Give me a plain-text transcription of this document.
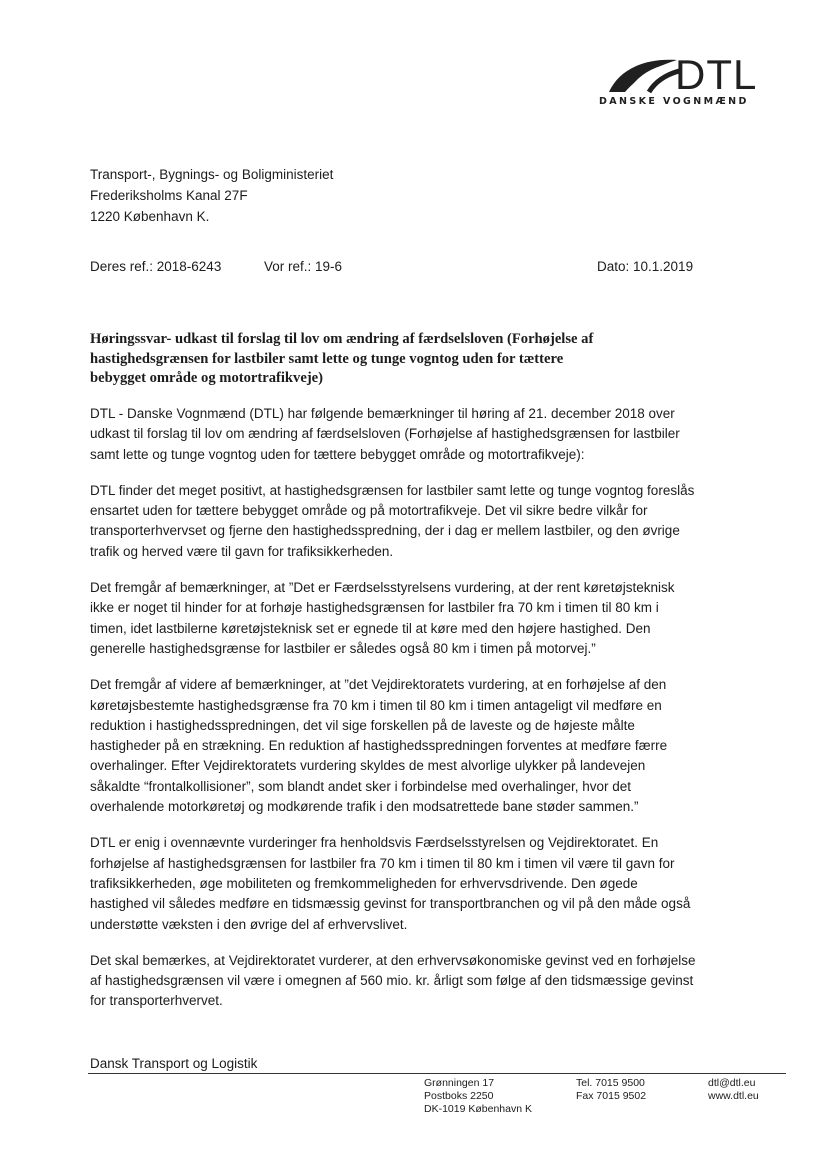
DTL
DANSKE VOGNMÆND
Transport-, Bygnings- og Boligministeriet
Frederiksholms Kanal 27F
1220 København K.
Deres ref.: 2018-6243	Vor ref.: 19-6	Dato: 10.1.2019
Høringssvar- udkast til forslag til lov om ændring af færdselsloven (Forhøjelse af
hastighedsgrænsen for lastbiler samt lette og tunge vogntog uden for tættere
bebygget område og motortrafikveje)

DTL - Danske Vognmænd (DTL) har følgende bemærkninger til høring af 21. december 2018 over
udkast til forslag til lov om ændring af færdselsloven (Forhøjelse af hastighedsgrænsen for lastbiler
samt lette og tunge vogntog uden for tættere bebygget område og motortrafikveje):

DTL finder det meget positivt, at hastighedsgrænsen for lastbiler samt lette og tunge vogntog foreslås
ensartet uden for tættere bebygget område og på motortrafikveje. Det vil sikre bedre vilkår for
transporterhvervset og fjerne den hastighedsspredning, der i dag er mellem lastbiler, og den øvrige
trafik og herved være til gavn for trafiksikkerheden.

Det fremgår af bemærkninger, at ”Det er Færdselsstyrelsens vurdering, at der rent køretøjsteknisk
ikke er noget til hinder for at forhøje hastighedsgrænsen for lastbiler fra 70 km i timen til 80 km i
timen, idet lastbilerne køretøjsteknisk set er egnede til at køre med den højere hastighed. Den
generelle hastighedsgrænse for lastbiler er således også 80 km i timen på motorvej.”

Det fremgår af videre af bemærkninger, at ”det Vejdirektoratets vurdering, at en forhøjelse af den
køretøjsbestemte hastighedsgrænse fra 70 km i timen til 80 km i timen antageligt vil medføre en
reduktion i hastighedsspredningen, det vil sige forskellen på de laveste og de højeste målte
hastigheder på en strækning. En reduktion af hastighedsspredningen forventes at medføre færre
overhalinger. Efter Vejdirektoratets vurdering skyldes de mest alvorlige ulykker på landevejen
såkaldte “frontalkollisioner”, som blandt andet sker i forbindelse med overhalinger, hvor det
overhalende motorkøretøj og modkørende trafik i den modsatrettede bane støder sammen.”

DTL er enig i ovennævnte vurderinger fra henholdsvis Færdselsstyrelsen og Vejdirektoratet. En
forhøjelse af hastighedsgrænsen for lastbiler fra 70 km i timen til 80 km i timen vil være til gavn for
trafiksikkerheden, øge mobiliteten og fremkommeligheden for erhvervsdrivende. Den øgede
hastighed vil således medføre en tidsmæssig gevinst for transportbranchen og vil på den måde også
understøtte væksten i den øvrige del af erhvervslivet.

Det skal bemærkes, at Vejdirektoratet vurderer, at den erhvervsøkonomiske gevinst ved en forhøjelse
af hastighedsgrænsen vil være i omegnen af 560 mio. kr. årligt som følge af den tidsmæssige gevinst
for transporterhvervet.

Dansk Transport og Logistik
Grønningen 17
Postboks 2250
DK-1019 København K
Tel. 7015 9500
Fax 7015 9502
dtl@dtl.eu
www.dtl.eu
